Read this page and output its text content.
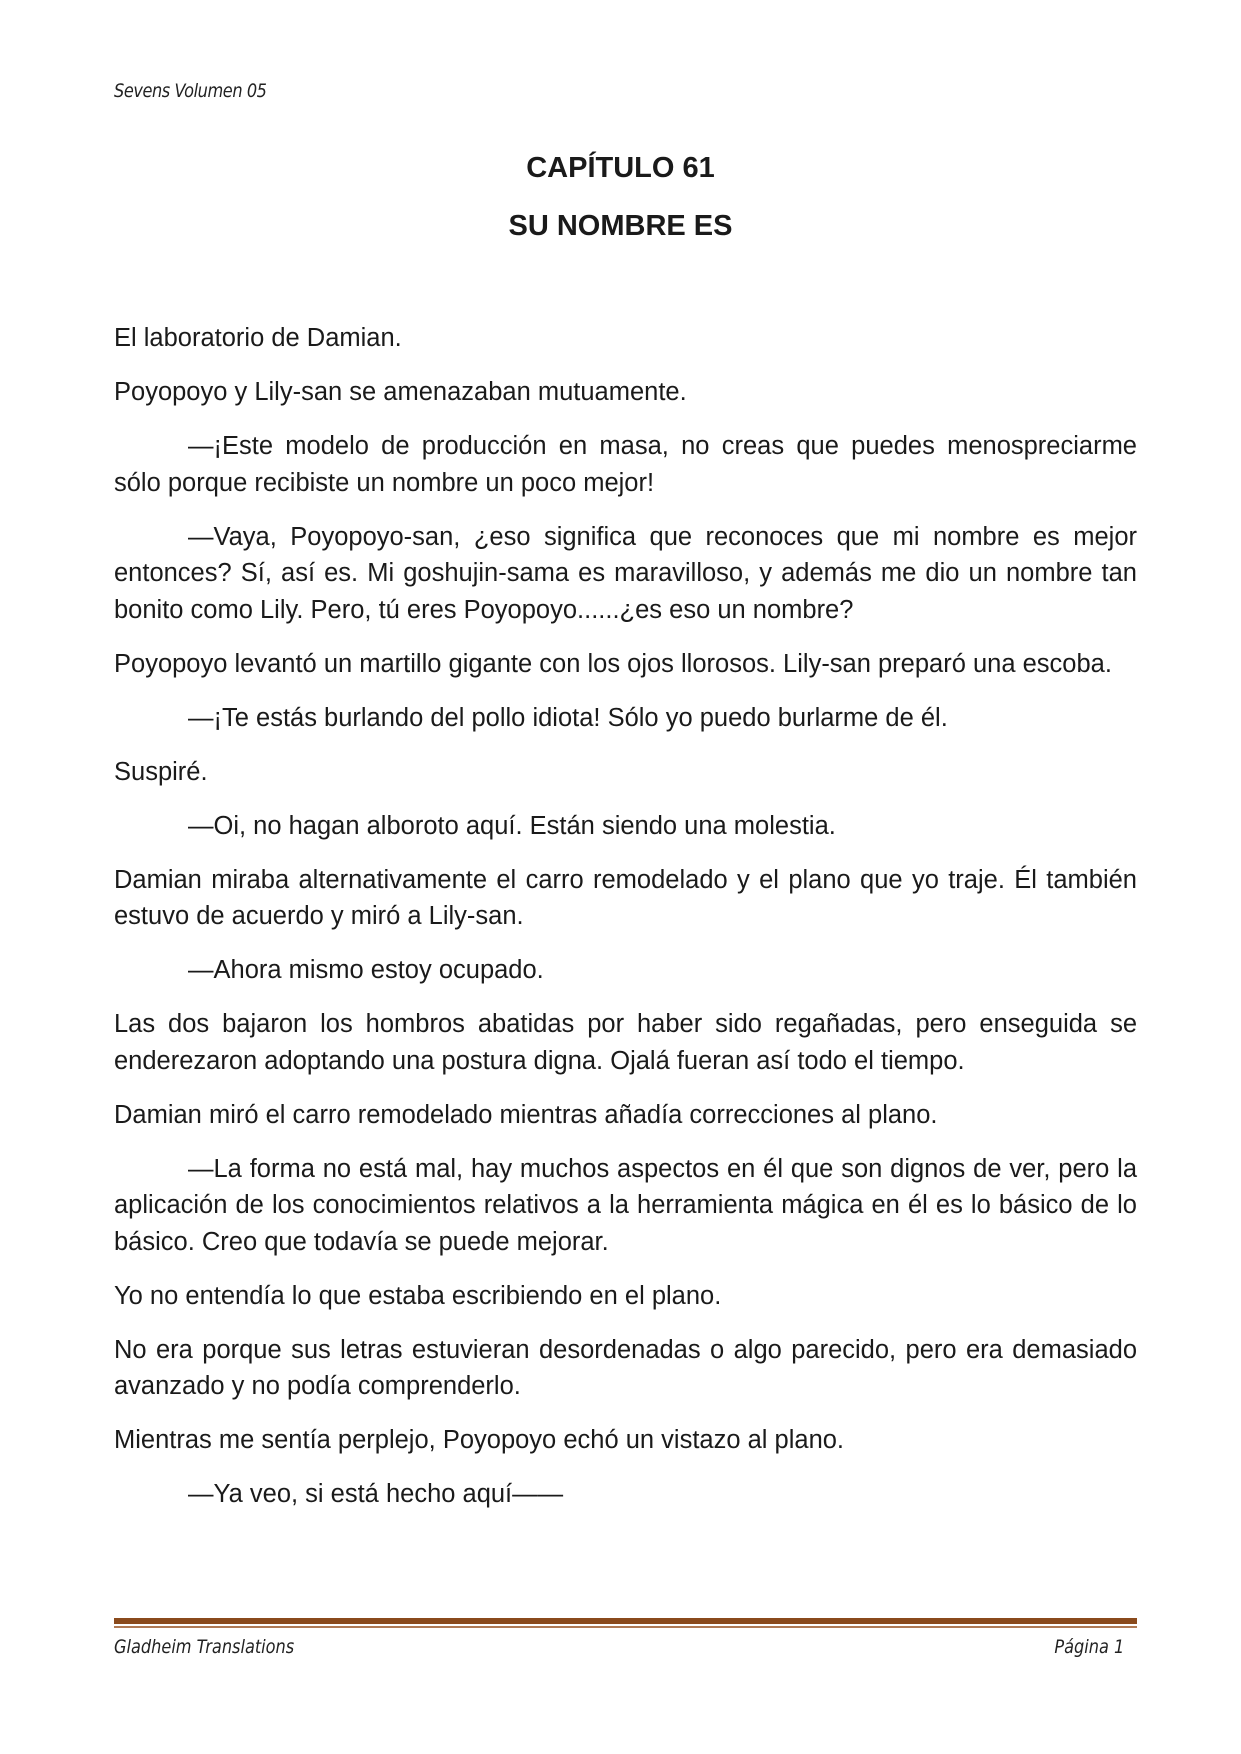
Sevens Volumen 05
CAPÍTULO 61
SU NOMBRE ES

El laboratorio de Damian.

Poyopoyo y Lily-san se amenazaban mutuamente.

—¡Este modelo de producción en masa, no creas que puedes menospreciarme sólo porque recibiste un nombre un poco mejor!

—Vaya, Poyopoyo-san, ¿eso significa que reconoces que mi nombre es mejor entonces? Sí, así es. Mi goshujin-sama es maravilloso, y además me dio un nombre tan bonito como Lily. Pero, tú eres Poyopoyo......¿es eso un nombre?

Poyopoyo levantó un martillo gigante con los ojos llorosos. Lily-san preparó una escoba.

—¡Te estás burlando del pollo idiota! Sólo yo puedo burlarme de él.

Suspiré.

—Oi, no hagan alboroto aquí. Están siendo una molestia.

Damian miraba alternativamente el carro remodelado y el plano que yo traje. Él también estuvo de acuerdo y miró a Lily-san.

—Ahora mismo estoy ocupado.

Las dos bajaron los hombros abatidas por haber sido regañadas, pero enseguida se enderezaron adoptando una postura digna. Ojalá fueran así todo el tiempo.

Damian miró el carro remodelado mientras añadía correcciones al plano.

—La forma no está mal, hay muchos aspectos en él que son dignos de ver, pero la aplicación de los conocimientos relativos a la herramienta mágica en él es lo básico de lo básico. Creo que todavía se puede mejorar.

Yo no entendía lo que estaba escribiendo en el plano.

No era porque sus letras estuvieran desordenadas o algo parecido, pero era demasiado avanzado y no podía comprenderlo.

Mientras me sentía perplejo, Poyopoyo echó un vistazo al plano.

—Ya veo, si está hecho aquí——

Gladheim Translations	Página 1
